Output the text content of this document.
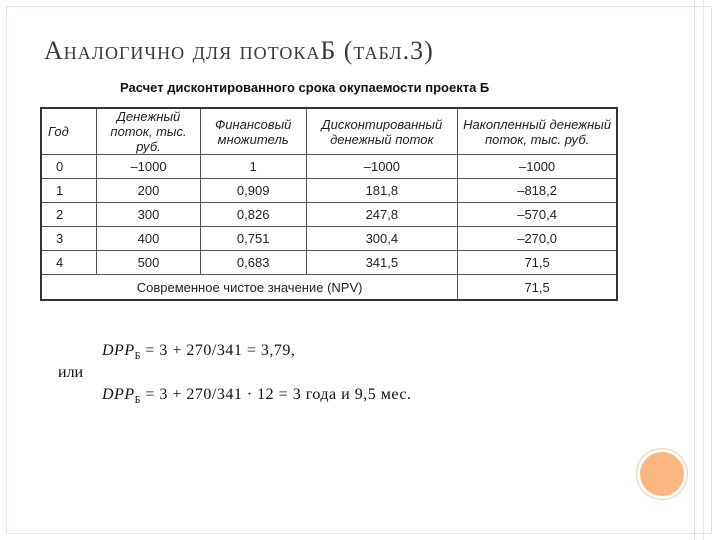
Аналогично для потокаБ (табл.3)
Расчет дисконтированного срока окупаемости проекта Б
Год	Денежный поток, тыс. руб.	Финансовый множитель	Дисконтированный денежный поток	Накопленный денежный поток, тыс. руб.
0	–1000	1	–1000	–1000
1	200	0,909	181,8	–818,2
2	300	0,826	247,8	–570,4
3	400	0,751	300,4	–270,0
4	500	0,683	341,5	71,5
Современное чистое значение (NPV)				71,5
$DPP_Б = 3 + 270/341 = 3,79$,
или
$DPP_Б = 3 + 270/341 \cdot 12 = 3$ года и 9,5 мес.
